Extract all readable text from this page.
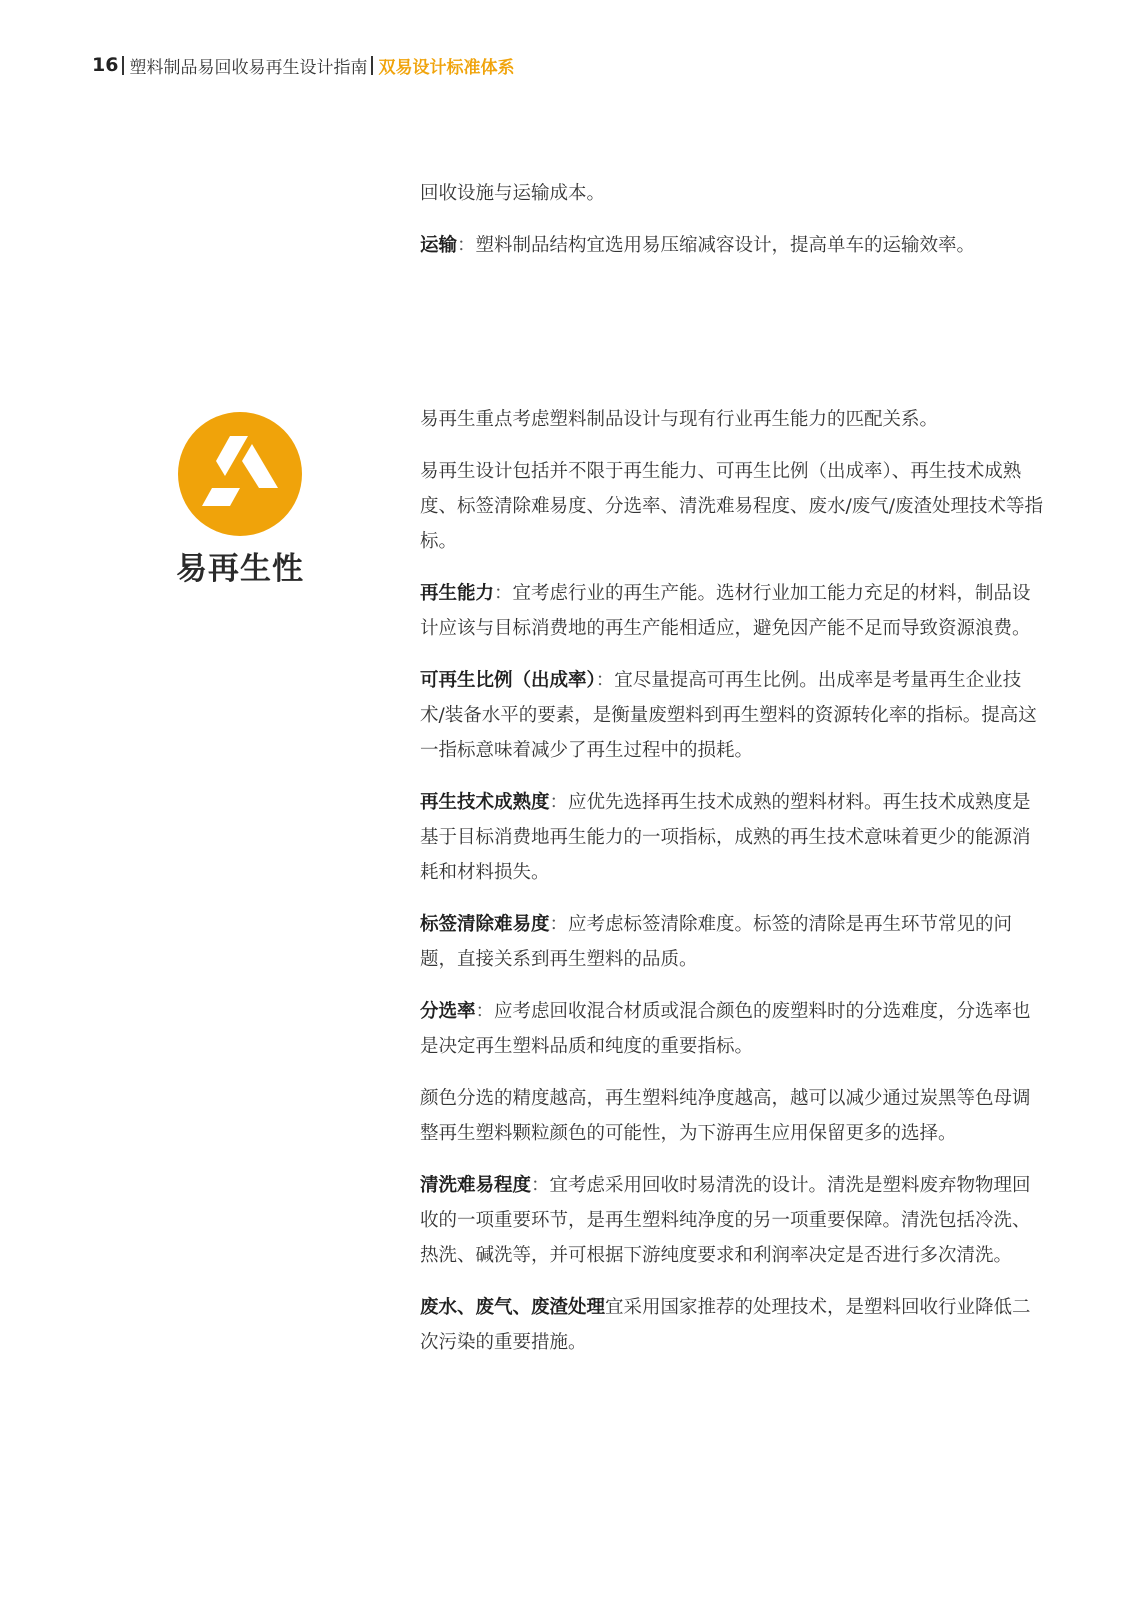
16 塑料制品易回收易再生设计指南 双易设计标准体系

回收设施与运输成本。

运输：塑料制品结构宜选用易压缩减容设计，提高单车的运输效率。

易再生性

易再生重点考虑塑料制品设计与现有行业再生能力的匹配关系。

易再生设计包括并不限于再生能力、可再生比例（出成率）、再生技术成熟度、标签清除难易度、分选率、清洗难易程度、废水/废气/废渣处理技术等指标。

再生能力：宜考虑行业的再生产能。选材行业加工能力充足的材料，制品设计应该与目标消费地的再生产能相适应，避免因产能不足而导致资源浪费。

可再生比例（出成率）：宜尽量提高可再生比例。出成率是考量再生企业技术/装备水平的要素，是衡量废塑料到再生塑料的资源转化率的指标。提高这一指标意味着减少了再生过程中的损耗。

再生技术成熟度：应优先选择再生技术成熟的塑料材料。再生技术成熟度是基于目标消费地再生能力的一项指标，成熟的再生技术意味着更少的能源消耗和材料损失。

标签清除难易度：应考虑标签清除难度。标签的清除是再生环节常见的问题，直接关系到再生塑料的品质。

分选率：应考虑回收混合材质或混合颜色的废塑料时的分选难度，分选率也是决定再生塑料品质和纯度的重要指标。

颜色分选的精度越高，再生塑料纯净度越高，越可以减少通过炭黑等色母调整再生塑料颗粒颜色的可能性，为下游再生应用保留更多的选择。

清洗难易程度：宜考虑采用回收时易清洗的设计。清洗是塑料废弃物物理回收的一项重要环节，是再生塑料纯净度的另一项重要保障。清洗包括冷洗、热洗、碱洗等，并可根据下游纯度要求和利润率决定是否进行多次清洗。

废水、废气、废渣处理宜采用国家推荐的处理技术，是塑料回收行业降低二次污染的重要措施。
